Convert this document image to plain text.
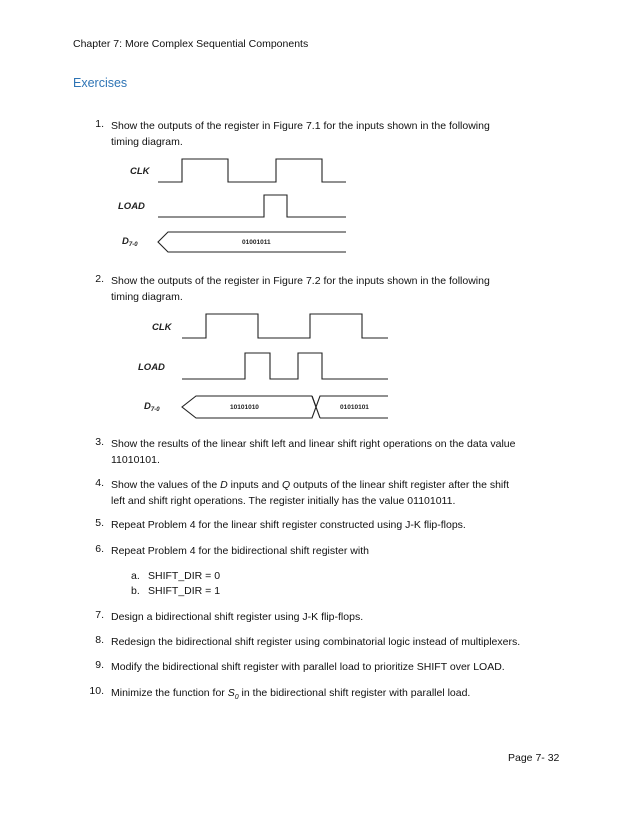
Chapter 7: More Complex Sequential Components
Exercises
1. Show the outputs of the register in Figure 7.1 for the inputs shown in the following
timing diagram.
CLK
LOAD
$D_{7-0}$	01001011
2. Show the outputs of the register in Figure 7.2 for the inputs shown in the following
timing diagram.
CLK
LOAD
$D_{7-0}$	10101010	01010101
3. Show the results of the linear shift left and linear shift right operations on the data value
11010101.
4. Show the values of the D inputs and Q outputs of the linear shift register after the shift
left and shift right operations. The register initially has the value 01101011.
5. Repeat Problem 4 for the linear shift register constructed using J-K flip-flops.
6. Repeat Problem 4 for the bidirectional shift register with
a. SHIFT_DIR = 0
b. SHIFT_DIR = 1
7. Design a bidirectional shift register using J-K flip-flops.
8. Redesign the bidirectional shift register using combinatorial logic instead of multiplexers.
9. Modify the bidirectional shift register with parallel load to prioritize SHIFT over LOAD.
10. Minimize the function for $S_0$ in the bidirectional shift register with parallel load.
Page 7- 32
